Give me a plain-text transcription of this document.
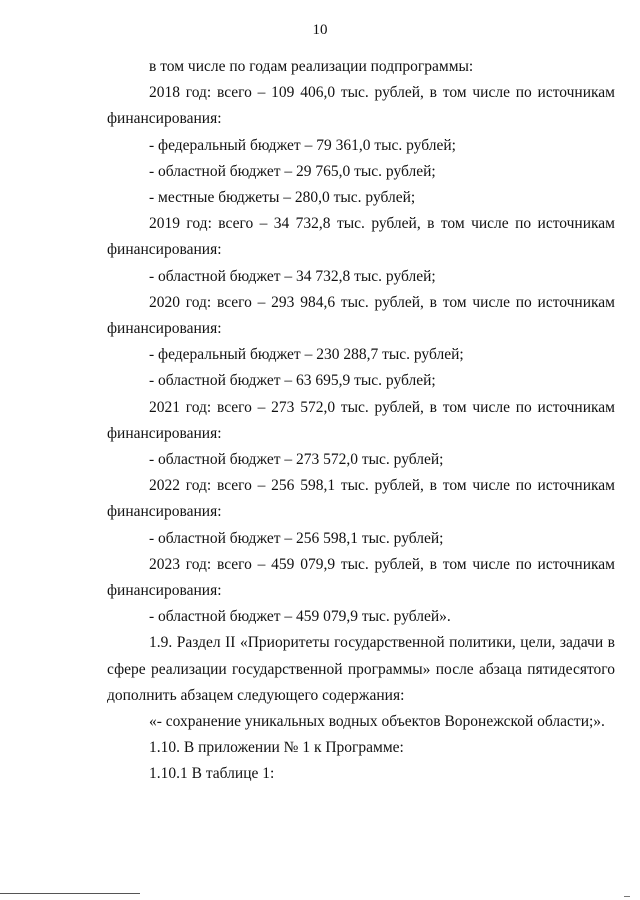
10

в том числе по годам реализации подпрограммы:

2018 год: всего – 109 406,0 тыс. рублей, в том числе по источникам финансирования:

- федеральный бюджет – 79 361,0 тыс. рублей;

- областной бюджет – 29 765,0 тыс. рублей;

- местные бюджеты – 280,0 тыс. рублей;

2019 год: всего – 34 732,8 тыс. рублей, в том числе по источникам финансирования:

- областной бюджет – 34 732,8 тыс. рублей;

2020 год: всего – 293 984,6 тыс. рублей, в том числе по источникам финансирования:

- федеральный бюджет – 230 288,7 тыс. рублей;

- областной бюджет – 63 695,9 тыс. рублей;

2021 год: всего – 273 572,0 тыс. рублей, в том числе по источникам финансирования:

- областной бюджет – 273 572,0 тыс. рублей;

2022 год: всего – 256 598,1 тыс. рублей, в том числе по источникам финансирования:

- областной бюджет – 256 598,1 тыс. рублей;

2023 год: всего – 459 079,9 тыс. рублей, в том числе по источникам финансирования:

- областной бюджет – 459 079,9 тыс. рублей».

1.9. Раздел II «Приоритеты государственной политики, цели, задачи в сфере реализации государственной программы» после абзаца пятидесятого дополнить абзацем следующего содержания:

«- сохранение уникальных водных объектов Воронежской области;».

1.10. В приложении № 1 к Программе:

1.10.1 В таблице 1:
